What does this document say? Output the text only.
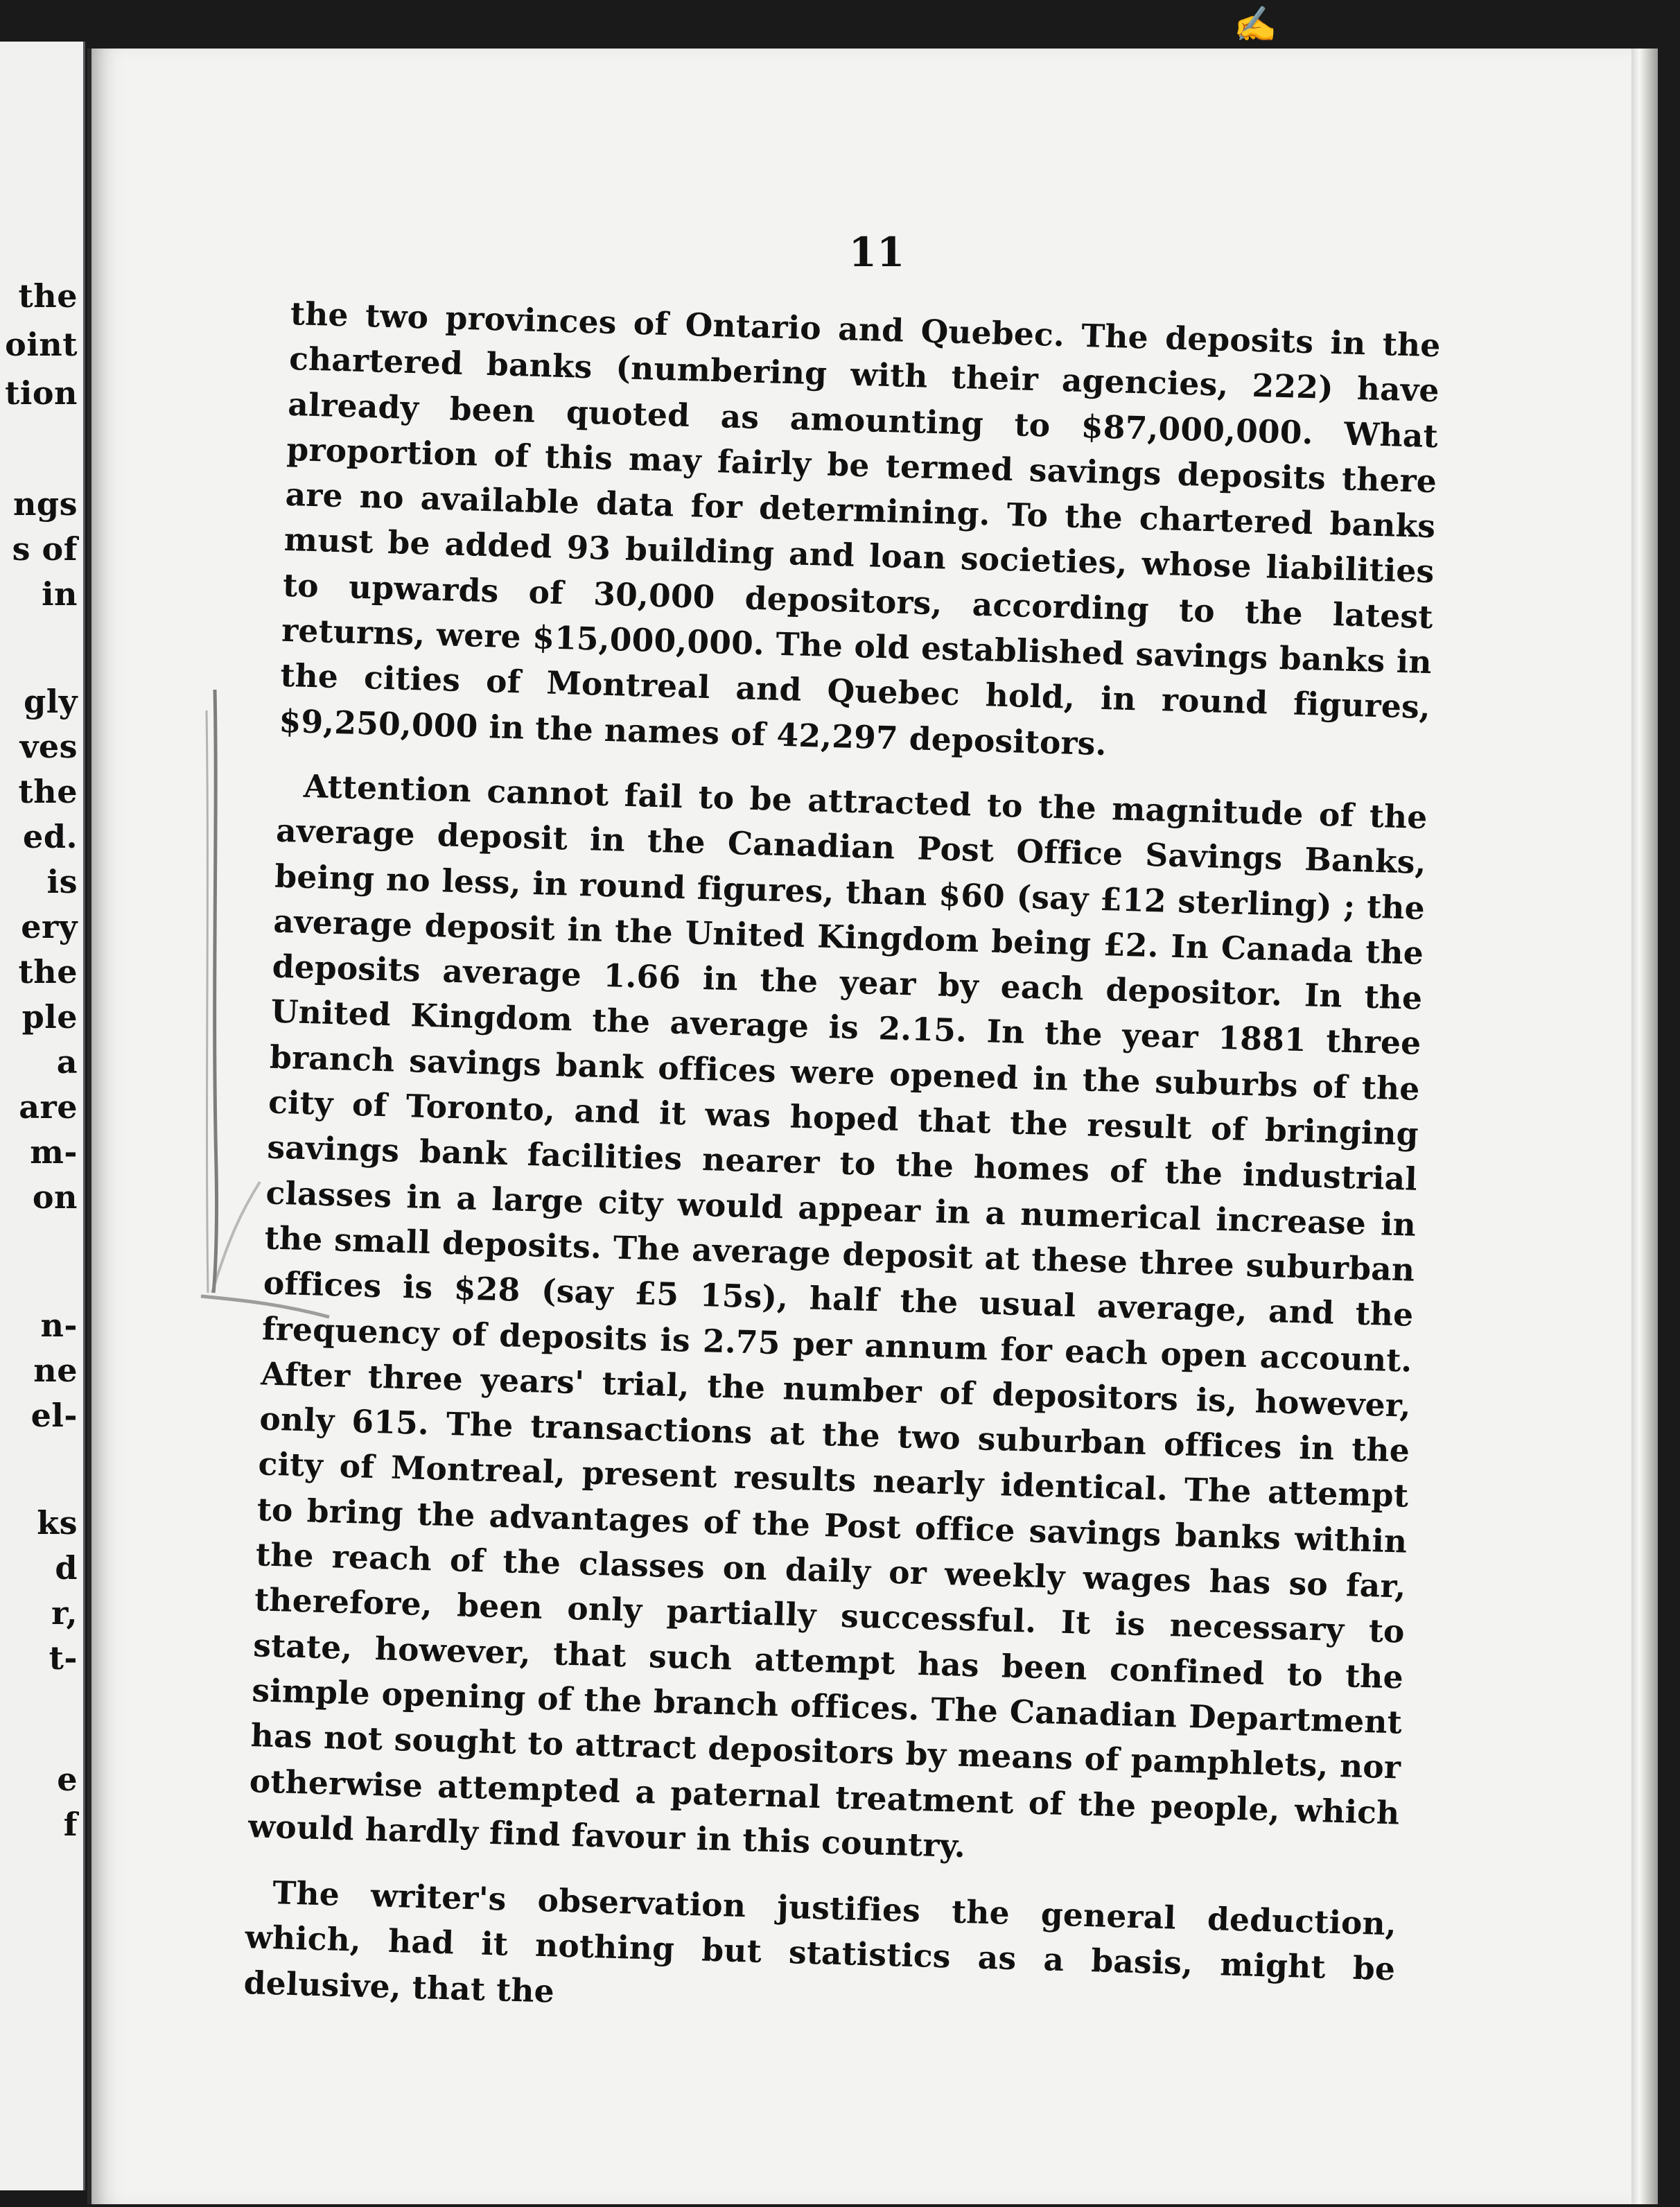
the
oint
tion
ngs
s of
in
gly
ves
the
ed.
is
ery
the
ple
a
are
m-
on
n-
ne
el-
ks
d
r,
t-
e
f
11

the two provinces of Ontario and Quebec. The deposits in the chartered banks (numbering with their agencies, 222) have already been quoted as amounting to $87,000,000. What proportion of this may fairly be termed savings deposits there are no available data for determining. To the chartered banks must be added 93 building and loan societies, whose liabilities to upwards of 30,000 depositors, according to the latest returns, were $15,000,000. The old established savings banks in the cities of Montreal and Quebec hold, in round figures, $9,250,000 in the names of 42,297 depositors.

Attention cannot fail to be attracted to the magnitude of the average deposit in the Canadian Post Office Savings Banks, being no less, in round figures, than $60 (say £12 sterling) ; the average deposit in the United Kingdom being £2. In Canada the deposits average 1.66 in the year by each depositor. In the United Kingdom the average is 2.15. In the year 1881 three branch savings bank offices were opened in the suburbs of the city of Toronto, and it was hoped that the result of bringing savings bank facilities nearer to the homes of the industrial classes in a large city would appear in a numerical increase in the small deposits. The average deposit at these three suburban offices is $28 (say £5 15s), half the usual average, and the frequency of deposits is 2.75 per annum for each open account. After three years' trial, the number of depositors is, however, only 615. The transactions at the two suburban offices in the city of Montreal, present results nearly identical. The attempt to bring the advantages of the Post office savings banks within the reach of the classes on daily or weekly wages has so far, therefore, been only partially successful. It is necessary to state, however, that such attempt has been confined to the simple opening of the branch offices. The Canadian Department has not sought to attract depositors by means of pamphlets, nor otherwise attempted a paternal treatment of the people, which would hardly find favour in this country.

The writer's observation justifies the general deduction, which, had it nothing but statistics as a basis, might be delusive, that the

✍
